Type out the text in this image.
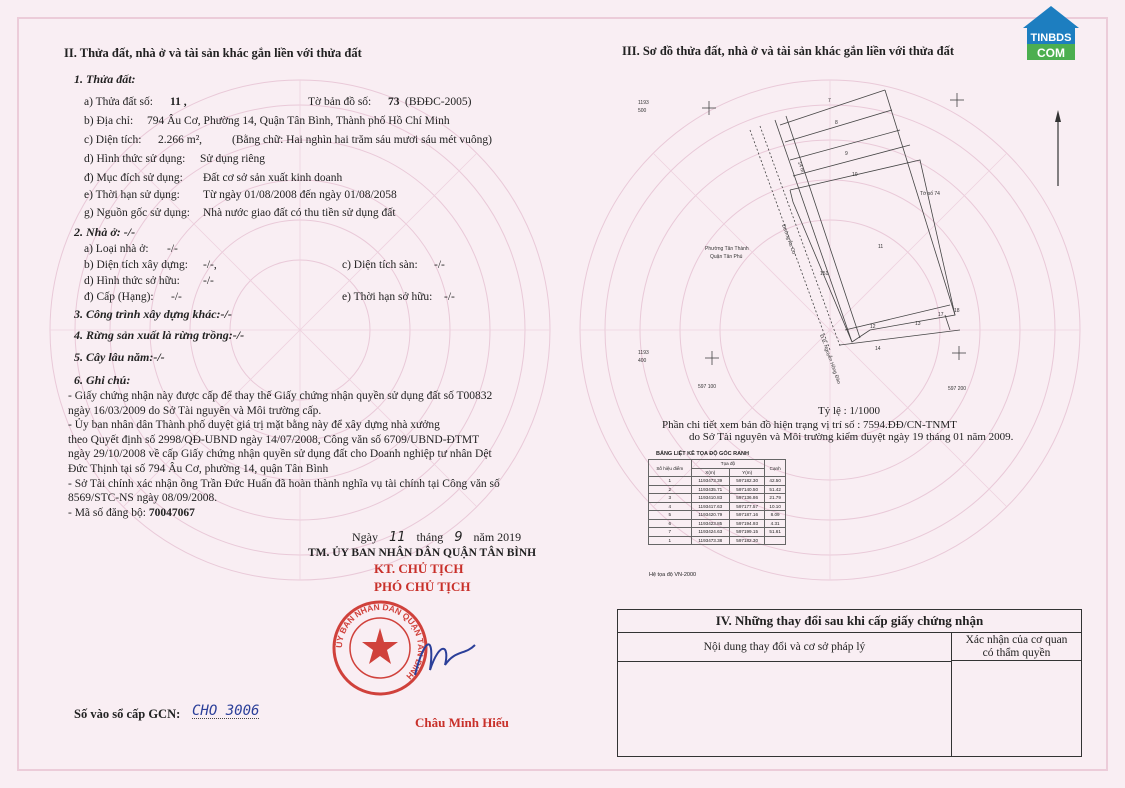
TINBDS
COM
II. Thửa đất, nhà ở và tài sản khác gắn liền với thửa đất
1. Thửa đất:
a) Thửa đất số: 11 ,	Tờ bản đồ số: 73 (BĐĐC-2005)
b) Địa chỉ: 794 Âu Cơ, Phường 14, Quận Tân Bình, Thành phố Hồ Chí Minh
c) Diện tích: 2.266 m²,	(Bằng chữ: Hai nghìn hai trăm sáu mươi sáu mét vuông)
d) Hình thức sử dụng: Sử dụng riêng
đ) Mục đích sử dụng: Đất cơ sở sản xuất kinh doanh
e) Thời hạn sử dụng: Từ ngày 01/08/2008 đến ngày 01/08/2058
g) Nguồn gốc sử dụng: Nhà nước giao đất có thu tiền sử dụng đất
2. Nhà ở: -/-
a) Loại nhà ở: -/-
b) Diện tích xây dựng: -/-,	c) Diện tích sàn: -/-
d) Hình thức sở hữu: -/-
đ) Cấp (Hạng): -/-	e) Thời hạn sở hữu: -/-
3. Công trình xây dựng khác:-/-
4. Rừng sản xuất là rừng trồng:-/-
5. Cây lâu năm:-/-
6. Ghi chú:
- Giấy chứng nhận này được cấp để thay thế Giấy chứng nhận quyền sử dụng đất số T00832
ngày 16/03/2009 do Sở Tài nguyên và Môi trường cấp.
- Ủy ban nhân dân Thành phố duyệt giá trị mặt bằng này để xây dựng nhà xưởng
theo Quyết định số 2998/QĐ-UBND ngày 14/07/2008, Công văn số 6709/UBND-ĐTMT
ngày 29/10/2008 về cấp Giấy chứng nhận quyền sử dụng đất cho Doanh nghiệp tư nhân Dệt
Đức Thịnh tại số 794 Âu Cơ, phường 14, quận Tân Bình
- Sở Tài chính xác nhận ông Trần Đức Huấn đã hoàn thành nghĩa vụ tài chính tại Công văn số
8569/STC-NS ngày 08/09/2008.
- Mã số đăng bộ: 70047067
Ngày 11 tháng 9 năm 2019
TM. ỦY BAN NHÂN DÂN QUẬN TÂN BÌNH
KT. CHỦ TỊCH
PHÓ CHỦ TỊCH
ỦY BAN NHÂN DÂN QUẬN TÂN BÌNH
Châu Minh Hiếu
Số vào sổ cấp GCN: CHO 3006
III. Sơ đồ thửa đất, nhà ở và tài sản khác gắn liền với thửa đất
1193
500
1193
400
597 100	597 200
Tờ số 74
Phường Tân Thành
Quận Tân Phú
Đường Âu Cơ
Đ.B. Nguyễn Hồng Đào
14 m
7
8
9
10
11
12	13
14
17
18
151
Tỷ lệ : 1/1000
Phần chi tiết xem bản đồ hiện trạng vị trí số : 7594.ĐĐ/CN-TNMT
do Sở Tài nguyên và Môi trường kiểm duyệt ngày 19 tháng 01 năm 2009.
BẢNG LIỆT KÊ TỌA ĐỘ GÓC RANH
Số hiệu điểm	Tọa độ		Cạnh
	X(m)	Y(m)	
1	1193473.39	597182.30	42.50
2	1193435.71	597140.50	51.42
3	1193410.83	597136.86	21.79
4	1193417.63	597177.57	10.10
5	1193420.79	597187.16	8.09
6	1193423.85	597194.93	4.31
7	1193424.63	597199.15	51.61
1	1193473.38	597182.30	
Hệ tọa độ VN-2000
IV. Những thay đổi sau khi cấp giấy chứng nhận
Nội dung thay đổi và cơ sở pháp lý
Xác nhận của cơ quan
có thẩm quyền
